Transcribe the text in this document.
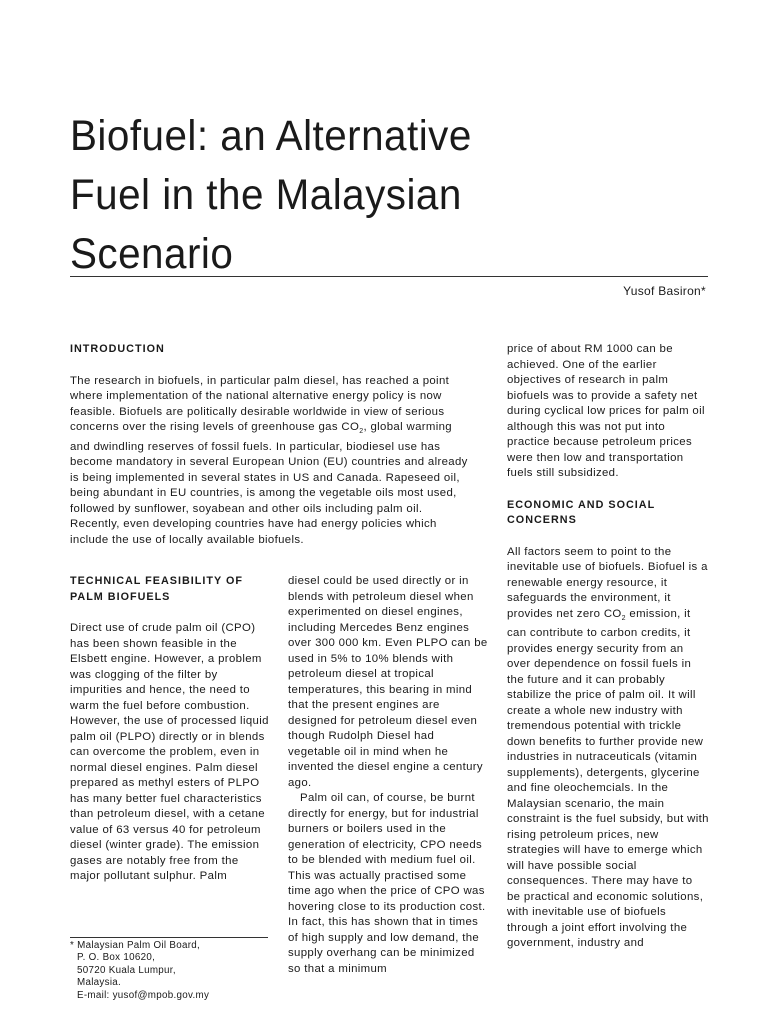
Biofuel: an Alternative
Fuel in the Malaysian
Scenario
Yusof Basiron*

INTRODUCTION

The research in biofuels, in particular palm diesel, has reached a point where implementation of the national alternative energy policy is now feasible. Biofuels are politically desirable worldwide in view of serious concerns over the rising levels of greenhouse gas $CO_2$, global warming and dwindling reserves of fossil fuels. In particular, biodiesel use has become mandatory in several European Union (EU) countries and already is being implemented in several states in US and Canada. Rapeseed oil, being abundant in EU countries, is among the vegetable oils most used, followed by sunflower, soyabean and other oils including palm oil. Recently, even developing countries have had energy policies which include the use of locally available biofuels.

TECHNICAL FEASIBILITY OF

PALM BIOFUELS

Direct use of crude palm oil (CPO) has been shown feasible in the Elsbett engine. However, a problem was clogging of the filter by impurities and hence, the need to warm the fuel before combustion. However, the use of processed liquid palm oil (PLPO) directly or in blends can overcome the problem, even in normal diesel engines. Palm diesel prepared as methyl esters of PLPO has many better fuel characteristics than petroleum diesel, with a cetane value of 63 versus 40 for petroleum diesel (winter grade). The emission gases are notably free from the major pollutant sulphur. Palm

diesel could be used directly or in blends with petroleum diesel when experimented on diesel engines, including Mercedes Benz engines over 300 000 km. Even PLPO can be used in 5% to 10% blends with petroleum diesel at tropical temperatures, this bearing in mind that the present engines are designed for petroleum diesel even though Rudolph Diesel had vegetable oil in mind when he invented the diesel engine a century ago.

Palm oil can, of course, be burnt directly for energy, but for industrial burners or boilers used in the generation of electricity, CPO needs to be blended with medium fuel oil. This was actually practised some time ago when the price of CPO was hovering close to its production cost. In fact, this has shown that in times of high supply and low demand, the supply overhang can be minimized so that a minimum

price of about RM 1000 can be achieved. One of the earlier objectives of research in palm biofuels was to provide a safety net during cyclical low prices for palm oil although this was not put into practice because petroleum prices were then low and transportation fuels still subsidized.

ECONOMIC AND SOCIAL

CONCERNS

All factors seem to point to the inevitable use of biofuels. Biofuel is a renewable energy resource, it safeguards the environment, it provides net zero $CO_2$ emission, it can contribute to carbon credits, it provides energy security from an over dependence on fossil fuels in the future and it can probably stabilize the price of palm oil. It will create a whole new industry with tremendous potential with trickle down benefits to further provide new industries in nutraceuticals (vitamin supplements), detergents, glycerine and fine oleochemcials. In the Malaysian scenario, the main constraint is the fuel subsidy, but with rising petroleum prices, new strategies will have to emerge which will have possible social consequences. There may have to be practical and economic solutions, with inevitable use of biofuels through a joint effort involving the government, industry and

* Malaysian Palm Oil Board,
P. O. Box 10620,
50720 Kuala Lumpur,
Malaysia.
E-mail: yusof@mpob.gov.my
